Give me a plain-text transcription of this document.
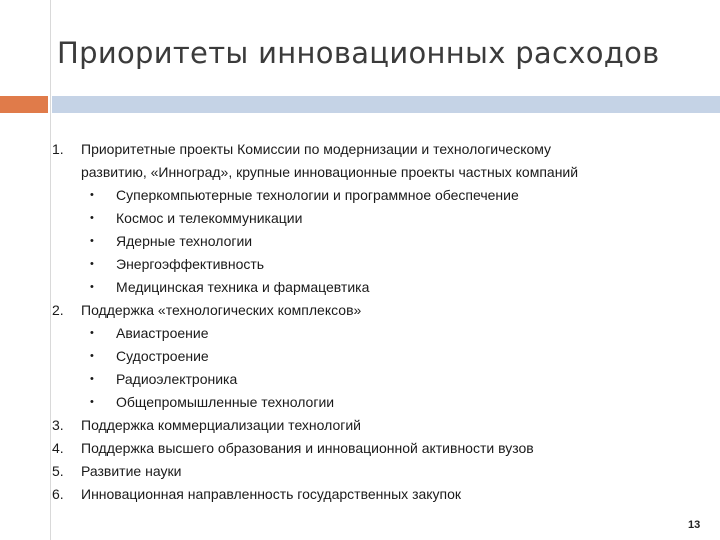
Приоритеты инновационных расходов
1. Приоритетные проекты Комиссии по модернизации и технологическому
развитию, «Инноград», крупные инновационные проекты частных компаний
• Суперкомпьютерные технологии и программное обеспечение
• Космос и телекоммуникации
• Ядерные технологии
• Энергоэффективность
• Медицинская техника и фармацевтика
2. Поддержка «технологических комплексов»
• Авиастроение
• Судостроение
• Радиоэлектроника
• Общепромышленные технологии
3. Поддержка коммерциализации технологий
4. Поддержка высшего образования и инновационной активности вузов
5. Развитие науки
6. Инновационная направленность государственных закупок
13
